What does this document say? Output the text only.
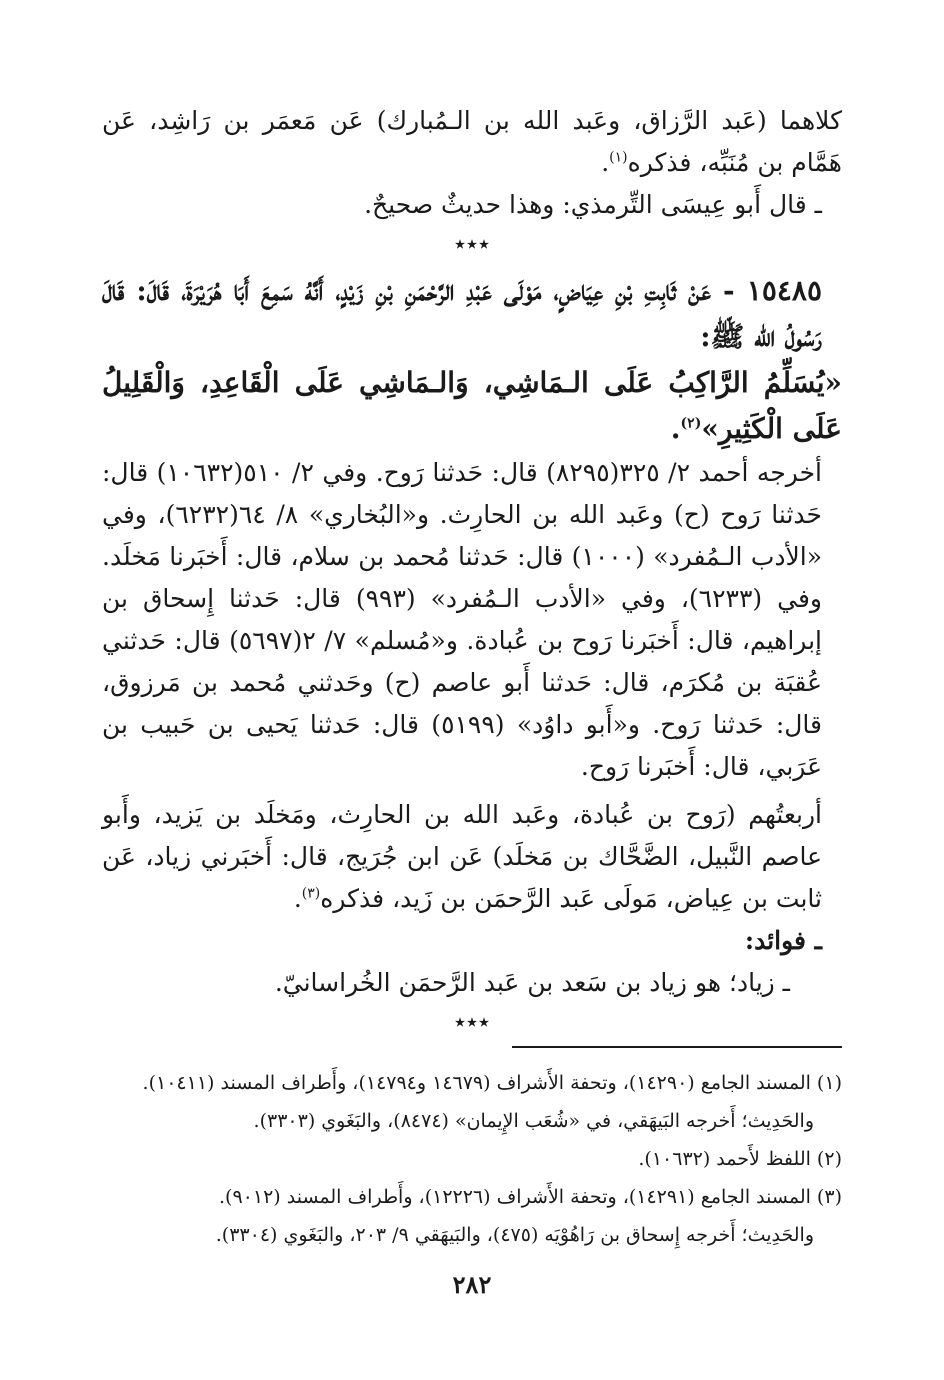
كلاهما (عَبد الرَّزاق، وعَبد الله بن الـمُبارك) عَن مَعمَر بن رَاشِد، عَن هَمَّام بن مُنَبِّه، فذكره$^{(١)}$.

ـ قال أَبو عِيسَى التِّرمذي: وهذا حديثٌ صحيحٌ.

٭٭٭

١٥٤٨٥ - عَنْ ثَابِتِ بْنِ عِيَاضٍ، مَوْلَى عَبْدِ الرَّحْمَنِ بْنِ زَيْدٍ، أَنَّهُ سَمِعَ أَبَا هُرَيْرَةَ، قَالَ: قَالَ رَسُولُ الله ﷺ:

«يُسَلِّمُ الرَّاكِبُ عَلَى الـمَاشِي، وَالـمَاشِي عَلَى الْقَاعِدِ، وَالْقَلِيلُ عَلَى الْكَثِيرِ»$^{(٢)}$.

أخرجه أحمد ٢/ ٣٢٥(٨٢٩٥) قال: حَدثنا رَوح. وفي ٢/ ٥١٠(١٠٦٣٢) قال: حَدثنا رَوح (ح) وعَبد الله بن الحارِث. و«البُخاري» ٨/ ٦٤(٦٢٣٢)، وفي «الأدب الـمُفرد» (١٠٠٠) قال: حَدثنا مُحمد بن سلام، قال: أَخبَرنا مَخلَد. وفي (٦٢٣٣)، وفي «الأدب الـمُفرد» (٩٩٣) قال: حَدثنا إِسحاق بن إبراهيم، قال: أَخبَرنا رَوح بن عُبادة. و«مُسلم» ٧/ ٢(٥٦٩٧) قال: حَدثني عُقبَة بن مُكرَم، قال: حَدثنا أَبو عاصم (ح) وحَدثني مُحمد بن مَرزوق، قال: حَدثنا رَوح. و«أَبو داوُد» (٥١٩٩) قال: حَدثنا يَحيى بن حَبيب بن عَرَبي، قال: أَخبَرنا رَوح.

أربعتُهم (رَوح بن عُبادة، وعَبد الله بن الحارِث، ومَخلَد بن يَزيد، وأَبو عاصم النَّبيل، الضَّحَّاك بن مَخلَد) عَن ابن جُرَيج، قال: أَخبَرني زياد، عَن ثابت بن عِياض، مَولَى عَبد الرَّحمَن بن زَيد، فذكره$^{(٣)}$.

ـ فوائد:

ـ زياد؛ هو زياد بن سَعد بن عَبد الرَّحمَن الخُراسانيّ.

٭٭٭

(١) المسند الجامع (١٤٢٩٠)، وتحفة الأَشراف (١٤٦٧٩ و١٤٧٩٤)، وأَطراف المسند (١٠٤١١).

والحَدِيث؛ أَخرجه البَيهَقي، في «شُعَب الإِيمان» (٨٤٧٤)، والبَغَوي (٣٣٠٣).

(٢) اللفظ لأَحمد (١٠٦٣٢).

(٣) المسند الجامع (١٤٢٩١)، وتحفة الأَشراف (١٢٢٢٦)، وأَطراف المسند (٩٠١٢).

والحَدِيث؛ أَخرجه إِسحاق بن رَاهُوْيَه (٤٧٥)، والبَيهَقي ٩/ ٢٠٣، والبَغَوي (٣٣٠٤).

٢٨٢
